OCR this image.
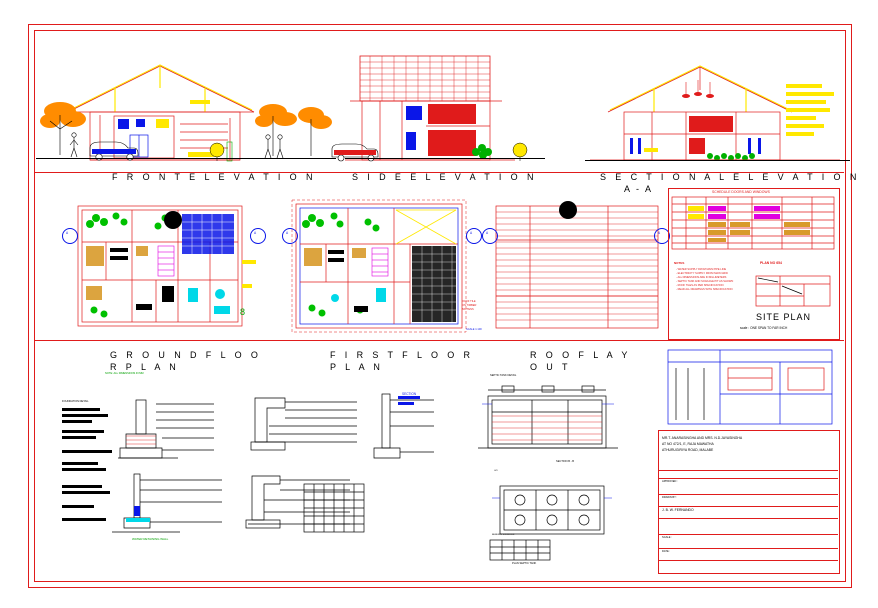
F R O N T E L E V A T I O N	S I D E E L E V A T I O N	S E C T I O N A L E L E V A T I O N
A - A
A	A
8
G R O U N D F L O O
R P L A N
NOTE: ALL DIMENSIONS IN MM
A	A
ROOF TILE
ON TIMBER
BATTENS
SCALE 1:100
F I R S T F L O O R
P L A N
A	A
R O O F L A Y
O U T
SCHEDULE DOORS AND WINDOWS
NOTES
- WATER SUPPLY FROM MAIN PIPE LINE
- ELECTRICITY SUPPLY FROM MAIN GRID
- ALL DIMENSIONS ARE IN MILLIMETERS
- SEPTIC TANK AND SOAKAGE PIT AS SHOWN
- ROOF TILES AS PER SPECIFICATION
- READ ALL DRAWINGS WITH SPECIFICATION
PLAN NO 654
SITE PLAN
scale : ONE SPAN TO FAR INCH
FOUNDATION DETAIL
SECTION
SEPTIC TANK DETAIL
SECTION B - B
PLAN SEPTIC TANK
BENDING SCHEDULE
WATER RETAINING WALL
MR.T. ANARASINGHA AND MRS. N.D.JAYASINGHA
AT NO 472/1, E, RAJA MAWATHA
ATHURUGIRIYA ROAD, MALABE
DRAWN BY :
J. B. W. FERNANDO
APPROVED :
SCALE :
DATE :
U/3
